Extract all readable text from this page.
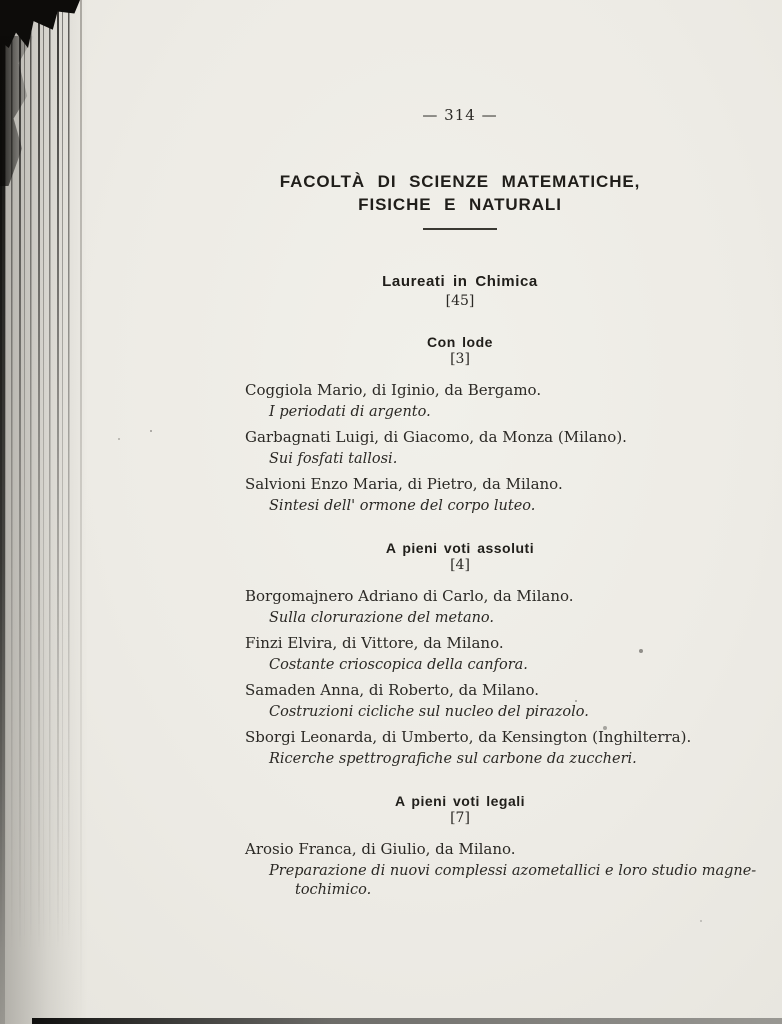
— 314 —
FACOLTÀ DI SCIENZE MATEMATICHE,
FISICHE E NATURALI
Laureati in Chimica
[45]
Con lode
[3]
Coggiola Mario, di Iginio, da Bergamo.
I periodati di argento.
Garbagnati Luigi, di Giacomo, da Monza (Milano).
Sui fosfati tallosi.
Salvioni Enzo Maria, di Pietro, da Milano.
Sintesi dell' ormone del corpo luteo.
A pieni voti assoluti
[4]
Borgomajnero Adriano di Carlo, da Milano.
Sulla clorurazione del metano.
Finzi Elvira, di Vittore, da Milano.
Costante crioscopica della canfora.
Samaden Anna, di Roberto, da Milano.
Costruzioni cicliche sul nucleo del pirazolo.
Sborgi Leonarda, di Umberto, da Kensington (Inghilterra).
Ricerche spettrografiche sul carbone da zuccheri.
A pieni voti legali
[7]
Arosio Franca, di Giulio, da Milano.
Preparazione di nuovi complessi azometallici e loro studio magne-
tochimico.
